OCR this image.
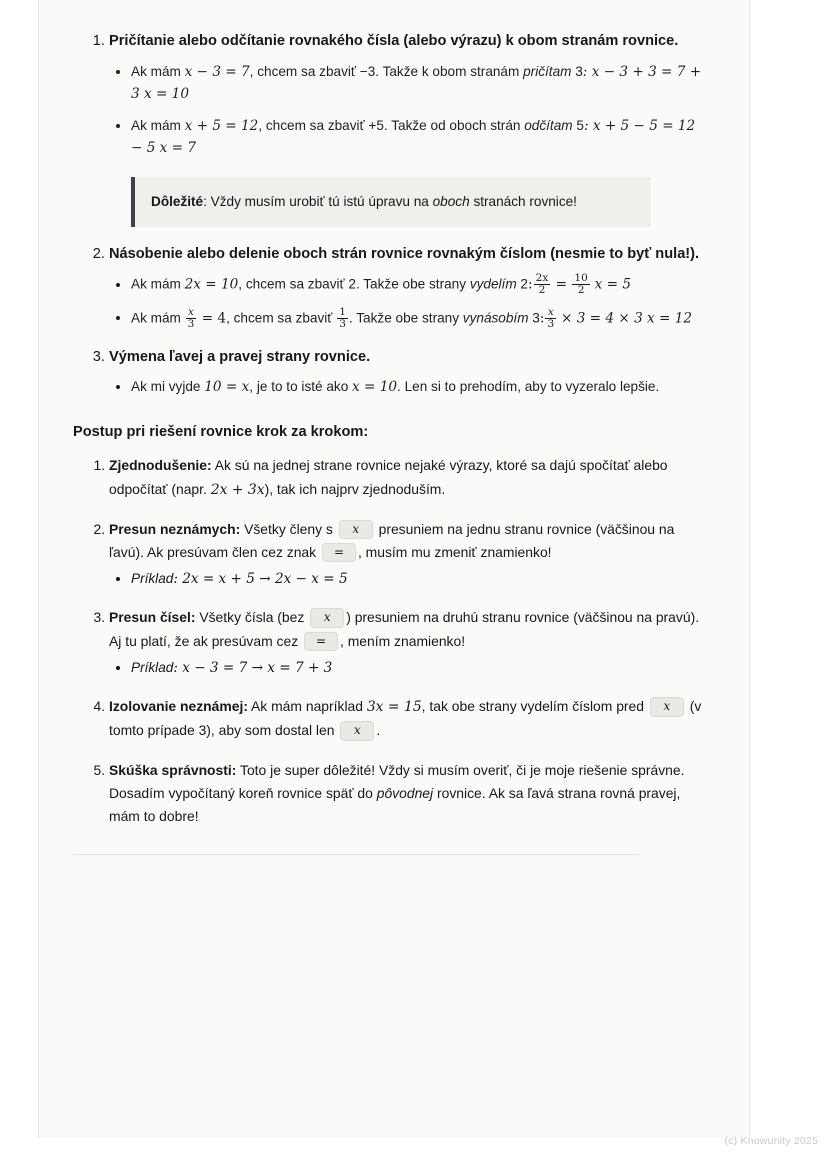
1. Pričítanie alebo odčítanie rovnakého čísla (alebo výrazu) k obom stranám rovnice.
• Ak mám x − 3 = 7, chcem sa zbaviť −3. Takže k obom stranám pričítam 3: x − 3 + 3 = 7 + 3 x = 10
• Ak mám x + 5 = 12, chcem sa zbaviť +5. Takže od oboch strán odčítam 5: x + 5 − 5 = 12 − 5 x = 7
Dôležité: Vždy musím urobiť tú istú úpravu na oboch stranách rovnice!
2. Násobenie alebo delenie oboch strán rovnice rovnakým číslom (nesmie to byť nula!).
• Ak mám 2x = 10, chcem sa zbaviť 2. Takže obe strany vydelím 2: $\frac{2x}{2} = \frac{10}{2}$ x = 5
• Ak mám $\frac{x}{3} = 4$, chcem sa zbaviť $\frac{1}{3}$ . Takže obe strany vynásobím 3: $\frac{x}{3} \times 3 = 4 \times 3$ x = 12
3. Výmena ľavej a pravej strany rovnice.
• Ak mi vyjde 10 = x, je to to isté ako x = 10. Len si to prehodím, aby to vyzeralo lepšie.
Postup pri riešení rovnice krok za krokom:
1. Zjednodušenie: Ak sú na jednej strane rovnice nejaké výrazy, ktoré sa dajú spočítať alebo odpočítať (napr. 2x + 3x), tak ich najprv zjednoduším.
2. Presun neznámych: Všetky členy s x presuniem na jednu stranu rovnice (väčšinou na ľavú). Ak presúvam člen cez znak = , musím mu zmeniť znamienko!
• Príklad: 2x = x + 5 → 2x − x = 5
3. Presun čísel: Všetky čísla (bez x ) presuniem na druhú stranu rovnice (väčšinou na pravú). Aj tu platí, že ak presúvam cez = , mením znamienko!
• Príklad: x − 3 = 7 → x = 7 + 3
4. Izolovanie neznámej: Ak mám napríklad 3x = 15, tak obe strany vydelím číslom pred x (v tomto prípade 3), aby som dostal len x .
5. Skúška správnosti: Toto je super dôležité! Vždy si musím overiť, či je moje riešenie správne. Dosadím vypočítaný koreň rovnice späť do pôvodnej rovnice. Ak sa ľavá strana rovná pravej, mám to dobre!
(c) Knowunity 2025
